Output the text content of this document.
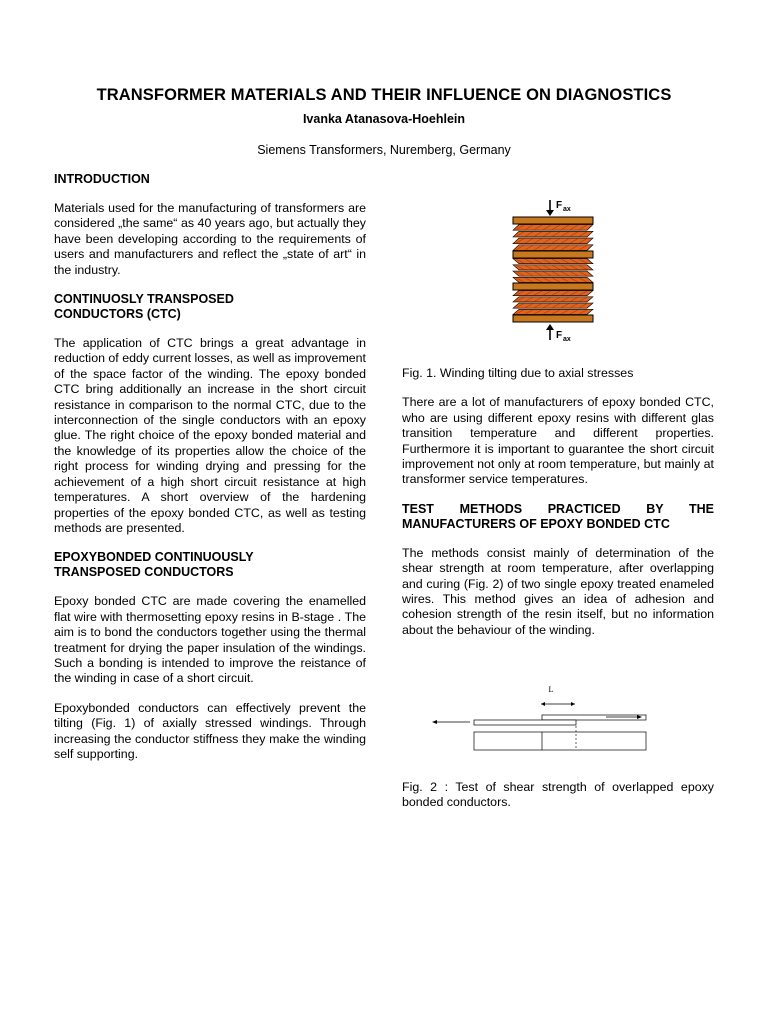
TRANSFORMER MATERIALS AND THEIR INFLUENCE ON DIAGNOSTICS
Ivanka Atanasova-Hoehlein
Siemens Transformers, Nuremberg, Germany
INTRODUCTION

Materials used for the manufacturing of transformers are considered „the same“ as 40 years ago, but actually they have been developing according to the requirements of users and manufacturers and reflect the „state of art“ in the industry.

CONTINUOSLY TRANSPOSED CONDUCTORS (CTC)

The application of CTC brings a great advantage in reduction of eddy current losses, as well as improvement of the space factor of the winding. The epoxy bonded CTC bring additionally an increase in the short circuit resistance in comparison to the normal CTC, due to the interconnection of the single conductors with an epoxy glue. The right choice of the epoxy bonded material and the knowledge of its properties allow the choice of the right process for winding drying and pressing for the achievement of a high short circuit resistance at high temperatures. A short overview of the hardening properties of the epoxy bonded CTC, as well as testing methods are presented.

EPOXYBONDED CONTINUOUSLY TRANSPOSED CONDUCTORS

Epoxy bonded CTC are made covering the enamelled flat wire with thermosetting epoxy resins in B-stage . The aim is to bond the conductors together using the thermal treatment for drying the paper insulation of the windings. Such a bonding is intended to improve the reistance of the winding in case of a short circuit.

Epoxybonded conductors can effectively prevent the tilting (Fig. 1) of axially stressed windings. Through increasing the conductor stiffness they make the winding self supporting.

F ax
F ax

Fig. 1. Winding tilting due to axial stresses

There are a lot of manufacturers of epoxy bonded CTC, who are using different epoxy resins with different glas transition temperature and different properties. Furthermore it is important to guarantee the short circuit improvement not only at room temperature, but mainly at transformer service temperatures.

TEST METHODS PRACTICED BY THE MANUFACTURERS OF EPOXY BONDED CTC

The methods consist mainly of determination of the shear strength at room temperature, after overlapping and curing (Fig. 2) of two single epoxy treated enameled wires. This method gives an idea of adhesion and cohesion strength of the resin itself, but no information about the behaviour of the winding.

L

Fig. 2 : Test of shear strength of overlapped epoxy bonded conductors.
